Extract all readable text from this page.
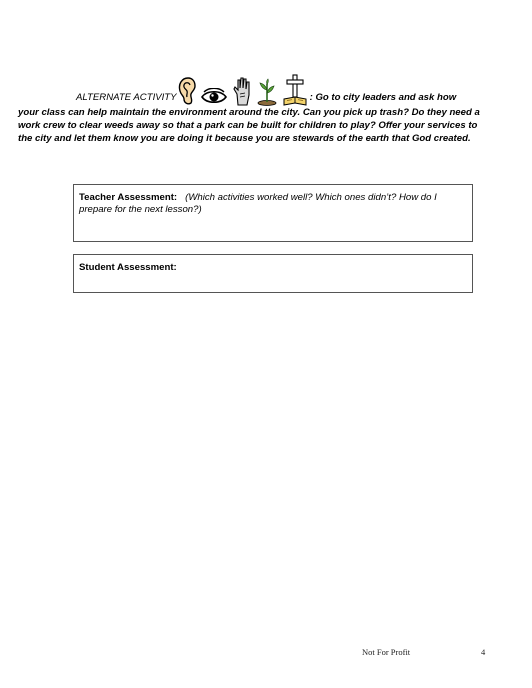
ALTERNATE ACTIVITY	: Go to city leaders and ask how
your class can help maintain the environment around the city. Can you pick up trash? Do they need a work crew to clear weeds away so that a park can be built for children to play? Offer your services to the city and let them know you are doing it because you are stewards of the earth that God created.
Teacher Assessment: (Which activities worked well? Which ones didn’t? How do I prepare for the next lesson?)
Student Assessment:
Not For Profit	4
